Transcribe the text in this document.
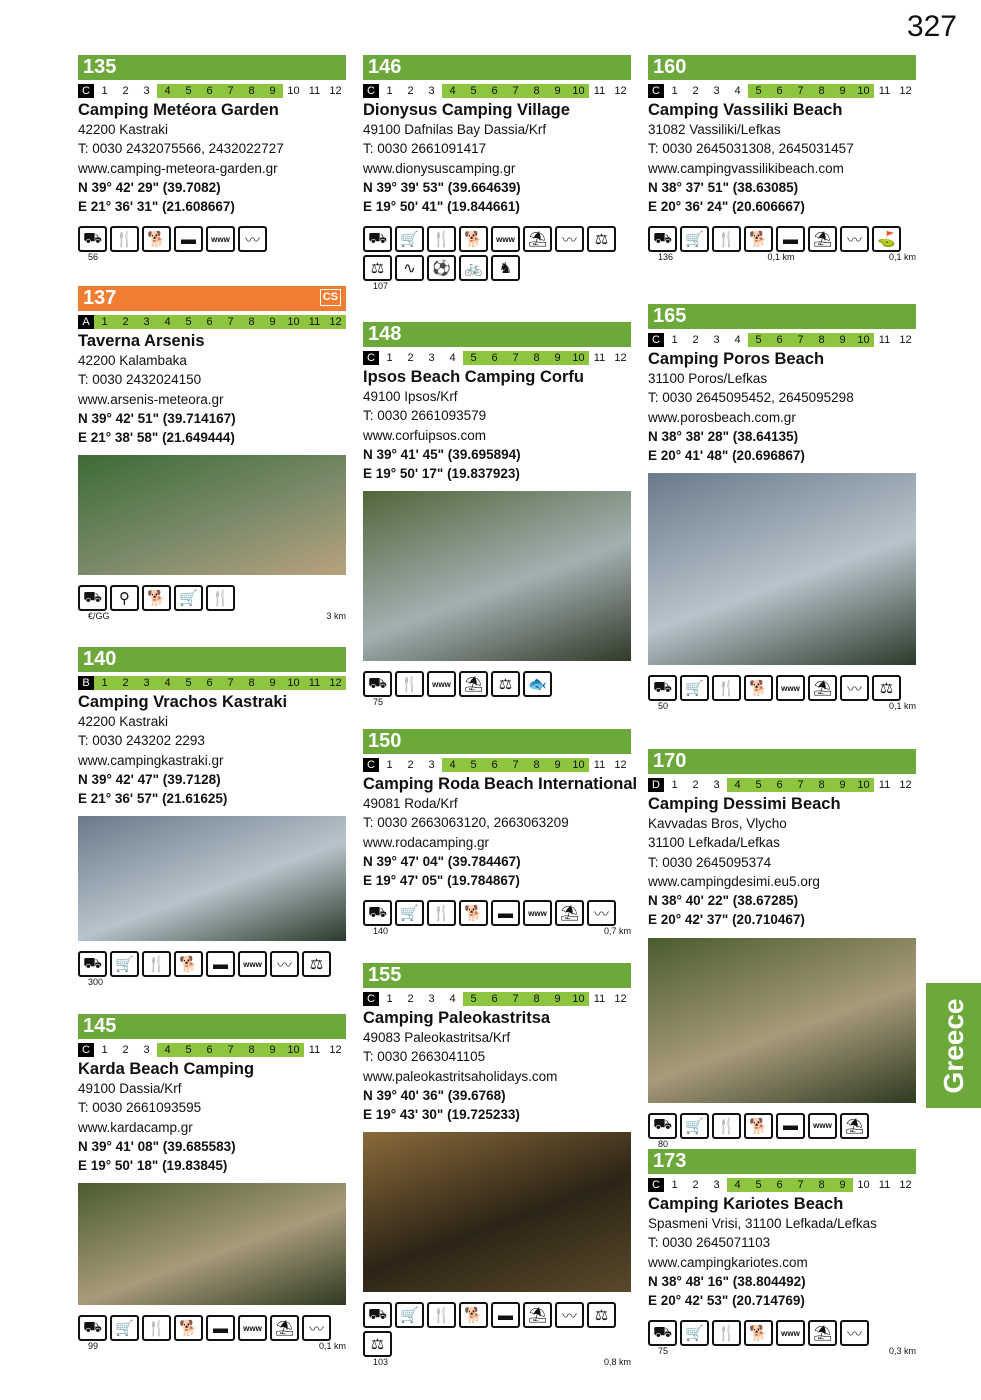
327
135
C	1	2	3	4	5	6	7	8	9	10 11 12
Camping Metéora Garden
42200 Kastraki
T: 0030 2432075566, 2432022727
www.camping-meteora-garden.gr
N 39° 42' 29" (39.7082)
E 21° 36' 31" (21.608667)
⛟ 🍴 🐕	▬	www	〰
56
137	CS
A	1	2	3	4	5	6	7	8	9	10 11 12
Taverna Arsenis
42200 Kalambaka
T: 0030 2432024150
www.arsenis-meteora.gr
N 39° 42' 51" (39.714167)
E 21° 38' 58" (21.649444)
⛟	⚲	🐕 🛒 🍴
€/GG	3 km
140
B	1	2	3	4	5	6	7	8	9	10 11 12
Camping Vrachos Kastraki
42200 Kastraki
T: 0030 243202 2293
www.campingkastraki.gr
N 39° 42' 47" (39.7128)
E 21° 36' 57" (21.61625)
⛟ 🛒 🍴 🐕	▬	www	〰	⚖
300
145
C	1	2	3	4	5	6	7	8	9	10 11 12
Karda Beach Camping
49100 Dassia/Krf
T: 0030 2661093595
www.kardacamp.gr
N 39° 41' 08" (39.685583)
E 19° 50' 18" (19.83845)
⛟ 🛒 🍴 🐕	▬	www ⛱ 〰
99	0,1 km
146
C	1	2	3	4	5	6	7	8	9	10 11 12
Dionysus Camping Village
49100 Dafnilas Bay Dassia/Krf
T: 0030 2661091417
www.dionysuscamping.gr
N 39° 39' 53" (39.664639)
E 19° 50' 41" (19.844661)
⛟ 🛒 🍴 🐕	www ⛱ 〰	⚖
⚖	∿	⚽ 🚲	♞
107
148
C	1	2	3	4	5	6	7	8	9	10 11 12
Ipsos Beach Camping Corfu
49100 Ipsos/Krf
T: 0030 2661093579
www.corfuipsos.com
N 39° 41' 45" (39.695894)
E 19° 50' 17" (19.837923)
⛟ 🍴	www ⛱	⚖	🐟
75
150
C	1	2	3	4	5	6	7	8	9	10 11 12
Camping Roda Beach International
49081 Roda/Krf
T: 0030 2663063120, 2663063209
www.rodacamping.gr
N 39° 47' 04" (39.784467)
E 19° 47' 05" (19.784867)
⛟ 🛒 🍴 🐕	▬	www ⛱ 〰
140	0,7 km
155
C	1	2	3	4	5	6	7	8	9	10 11 12
Camping Paleokastritsa
49083 Paleokastritsa/Krf
T: 0030 2663041105
www.paleokastritsaholidays.com
N 39° 40' 36" (39.6768)
E 19° 43' 30" (19.725233)
⛟ 🛒 🍴 🐕	▬ ⛱ 〰	⚖
⚖
103	0,8 km
160
C	1	2	3	4	5	6	7	8	9	10 11 12
Camping Vassiliki Beach
31082 Vassiliki/Lefkas
T: 0030 2645031308, 2645031457
www.campingvassilikibeach.com
N 38° 37' 51" (38.63085)
E 20° 36' 24" (20.606667)
⛟ 🛒 🍴 🐕	▬ ⛱ 〰	⛳
136	0,1 km	0,1 km
165
C	1	2	3	4	5	6	7	8	9	10 11 12
Camping Poros Beach
31100 Poros/Lefkas
T: 0030 2645095452, 2645095298
www.porosbeach.com.gr
N 38° 38' 28" (38.64135)
E 20° 41' 48" (20.696867)
⛟ 🛒 🍴 🐕	www ⛱ 〰	⚖
50	0,1 km
170
D	1	2	3	4	5	6	7	8	9	10 11 12
Camping Dessimi Beach
Kavvadas Bros, Vlycho
31100 Lefkada/Lefkas
T: 0030 2645095374
www.campingdesimi.eu5.org
N 38° 40' 22" (38.67285)
E 20° 42' 37" (20.710467)
⛟ 🛒 🍴 🐕	▬	www ⛱
80
173
C	1	2	3	4	5	6	7	8	9	10 11 12
Camping Kariotes Beach
Spasmeni Vrisi, 31100 Lefkada/Lefkas
T: 0030 2645071103
www.campingkariotes.com
N 38° 48' 16" (38.804492)
E 20° 42' 53" (20.714769)
⛟ 🛒 🍴 🐕	www ⛱ 〰
75	0,3 km
Greece
